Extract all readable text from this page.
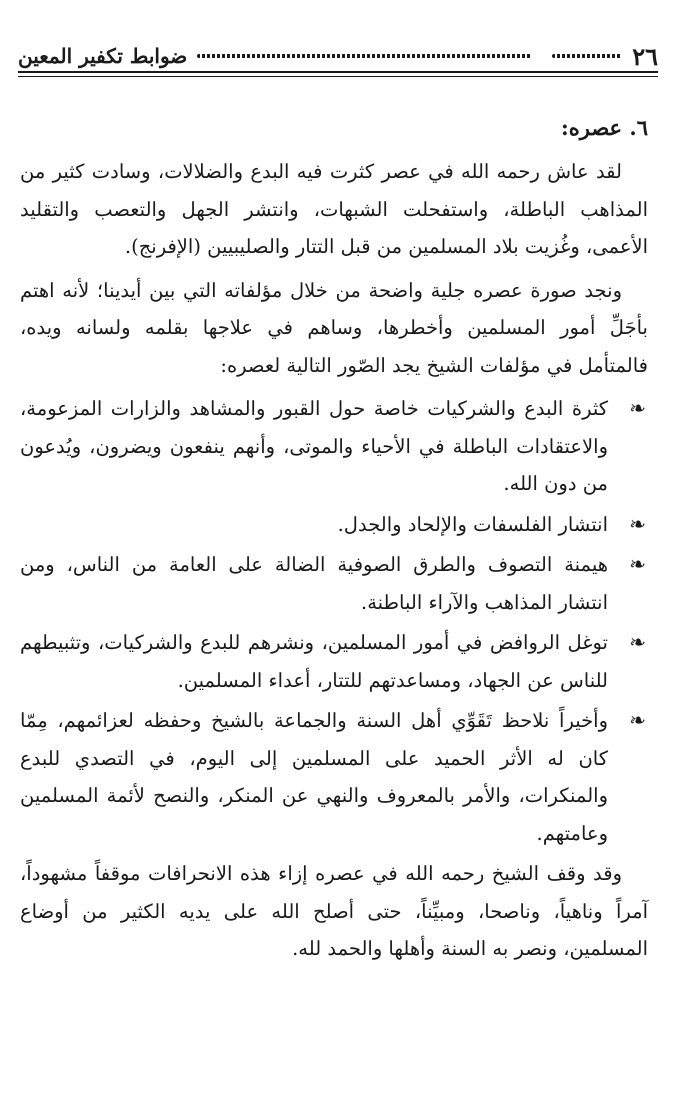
٢٦
ضوابط تكفير المعين
٦. عصره:

لقد عاش رحمه الله في عصر كثرت فيه البدع والضلالات، وسادت كثير من المذاهب الباطلة، واستفحلت الشبهات، وانتشر الجهل والتعصب والتقليد الأعمى، وغُزيت بلاد المسلمين من قبل التتار والصليبيين (الإفرنج).

ونجد صورة عصره جلية واضحة من خلال مؤلفاته التي بين أيدينا؛ لأنه اهتم بأجَلِّ أمور المسلمين وأخطرها، وساهم في علاجها بقلمه ولسانه ويده، فالمتأمل في مؤلفات الشيخ يجد الصّور التالية لعصره:

❧
كثرة البدع والشركيات خاصة حول القبور والمشاهد والزارات المزعومة، والاعتقادات الباطلة في الأحياء والموتى، وأنهم ينفعون ويضرون، ويُدعون من دون الله.
❧
انتشار الفلسفات والإلحاد والجدل.
❧
هيمنة التصوف والطرق الصوفية الضالة على العامة من الناس، ومن انتشار المذاهب والآراء الباطنة.
❧
توغل الروافض في أمور المسلمين، ونشرهم للبدع والشركيات، وتثبيطهم للناس عن الجهاد، ومساعدتهم للتتار، أعداء المسلمين.
❧
وأخيراً نلاحظ تَقَوِّي أهل السنة والجماعة بالشيخ وحفظه لعزائمهم، مِمّا كان له الأثر الحميد على المسلمين إلى اليوم، في التصدي للبدع والمنكرات، والأمر بالمعروف والنهي عن المنكر، والنصح لأئمة المسلمين وعامتهم.

وقد وقف الشيخ رحمه الله في عصره إزاء هذه الانحرافات موقفاً مشهوداً، آمراً وناهياً، وناصحا، ومبيِّناً، حتى أصلح الله على يديه الكثير من أوضاع المسلمين، ونصر به السنة وأهلها والحمد لله.
